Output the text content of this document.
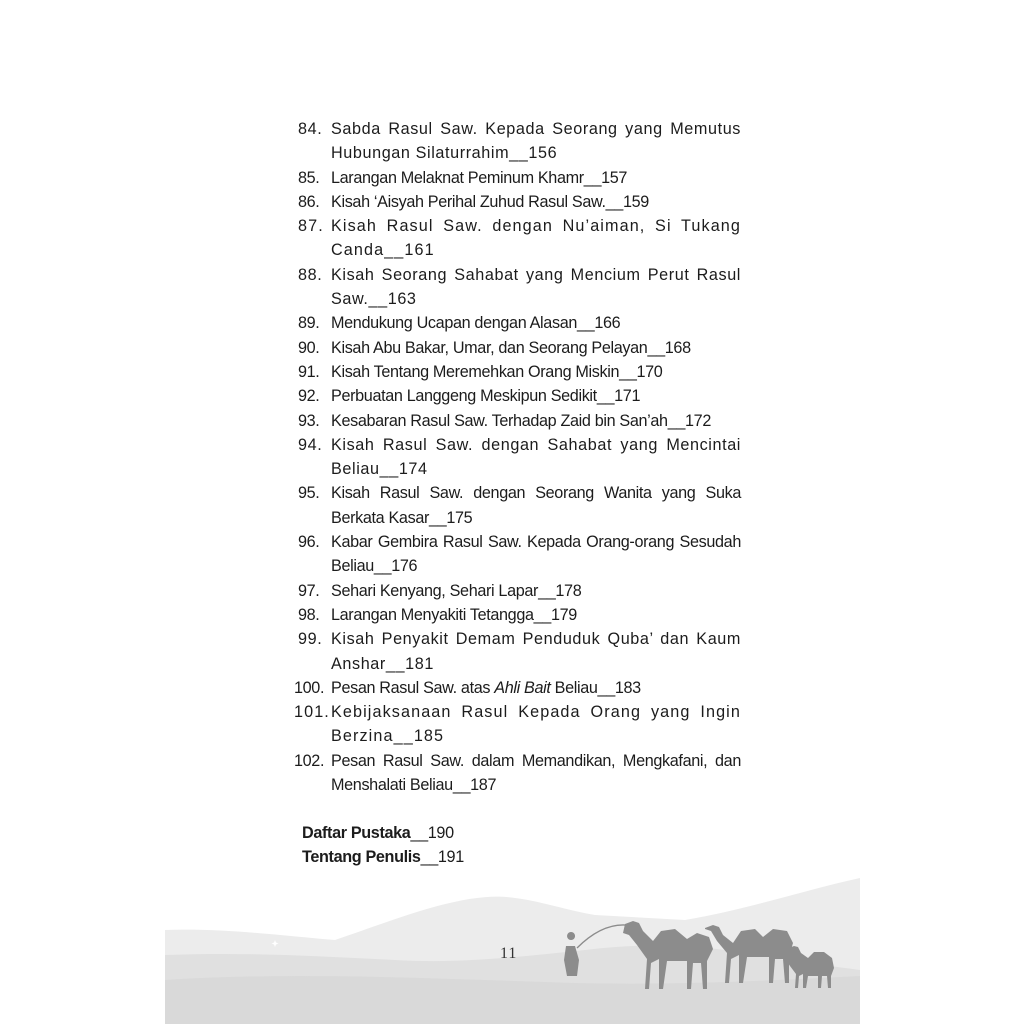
84. Sabda Rasul Saw. Kepada Seorang yang Memutus Hubungan Silaturrahim__156
85. Larangan Melaknat Peminum Khamr__157
86. Kisah ‘Aisyah Perihal Zuhud Rasul Saw.__159
87. Kisah Rasul Saw. dengan Nu’aiman, Si Tukang Canda__161
88. Kisah Seorang Sahabat yang Mencium Perut Rasul Saw.__163
89. Mendukung Ucapan dengan Alasan__166
90. Kisah Abu Bakar, Umar, dan Seorang Pelayan__168
91. Kisah Tentang Meremehkan Orang Miskin__170
92. Perbuatan Langgeng Meskipun Sedikit__171
93. Kesabaran Rasul Saw. Terhadap Zaid bin San’ah__172
94. Kisah Rasul Saw. dengan Sahabat yang Mencintai Beliau__174
95. Kisah Rasul Saw. dengan Seorang Wanita yang Suka Berkata Kasar__175
96. Kabar Gembira Rasul Saw. Kepada Orang-orang Sesudah Beliau__176
97. Sehari Kenyang, Sehari Lapar__178
98. Larangan Menyakiti Tetangga__179
99. Kisah Penyakit Demam Penduduk Quba’ dan Kaum Anshar__181
100. Pesan Rasul Saw. atas Ahli Bait Beliau__183
101. Kebijaksanaan Rasul Kepada Orang yang Ingin Berzina__185
102. Pesan Rasul Saw. dalam Memandikan, Mengkafani, dan Menshalati Beliau__187
Daftar Pustaka__190
Tentang Penulis__191
11
